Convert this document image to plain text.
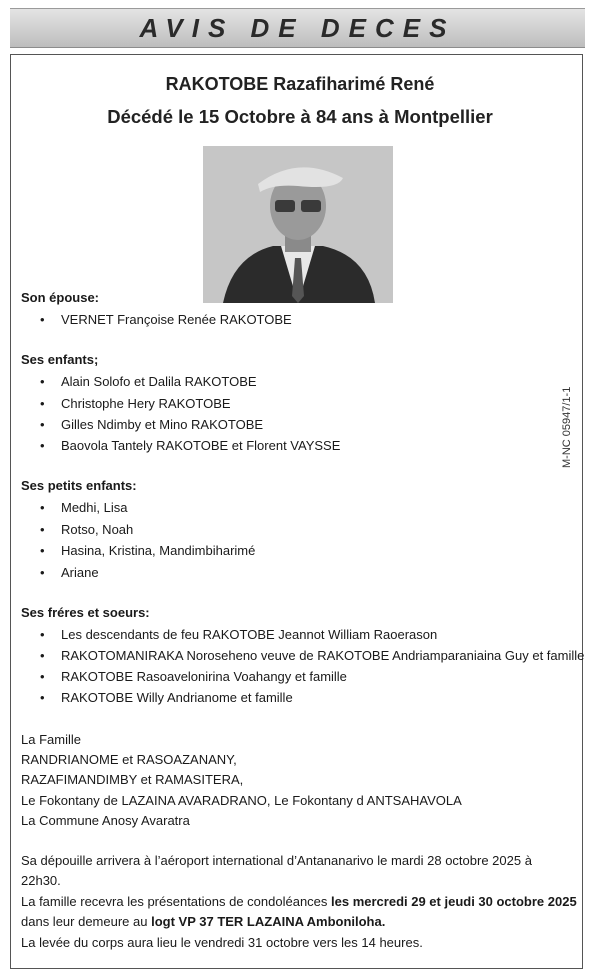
AVIS DE DECES
RAKOTOBE Razafiharimé René
Décédé le 15 Octobre à 84 ans à Montpellier
M-NC 05947/1-1
Son épouse:
VERNET Françoise Renée RAKOTOBE
Ses enfants;
Alain Solofo et Dalila RAKOTOBE
Christophe Hery RAKOTOBE
Gilles Ndimby et Mino RAKOTOBE
Baovola Tantely RAKOTOBE et Florent VAYSSE
Ses petits enfants:
Medhi, Lisa
Rotso, Noah
Hasina, Kristina, Mandimbiharimé
Ariane
Ses fréres et soeurs:
Les descendants de feu RAKOTOBE Jeannot William Raoerason
RAKOTOMANIRAKA Noroseheno veuve de RAKOTOBE Andriamparaniaina Guy et famille
RAKOTOBE Rasoavelonirina Voahangy et famille
RAKOTOBE Willy Andrianome et famille
La Famille
RANDRIANOME et RASOAZANANY,
RAZAFIMANDIMBY et RAMASITERA,
Le Fokontany de LAZAINA AVARADRANO, Le Fokontany d ANTSAHAVOLA
La Commune Anosy Avaratra
Sa dépouille arrivera à l’aéroport international d’Antananarivo le mardi 28 octobre 2025 à
22h30.
La famille recevra les présentations de condoléances les mercredi 29 et jeudi 30 octobre 2025
dans leur demeure au logt VP 37 TER LAZAINA Amboniloha.
La levée du corps aura lieu le vendredi 31 octobre vers les 14 heures.
